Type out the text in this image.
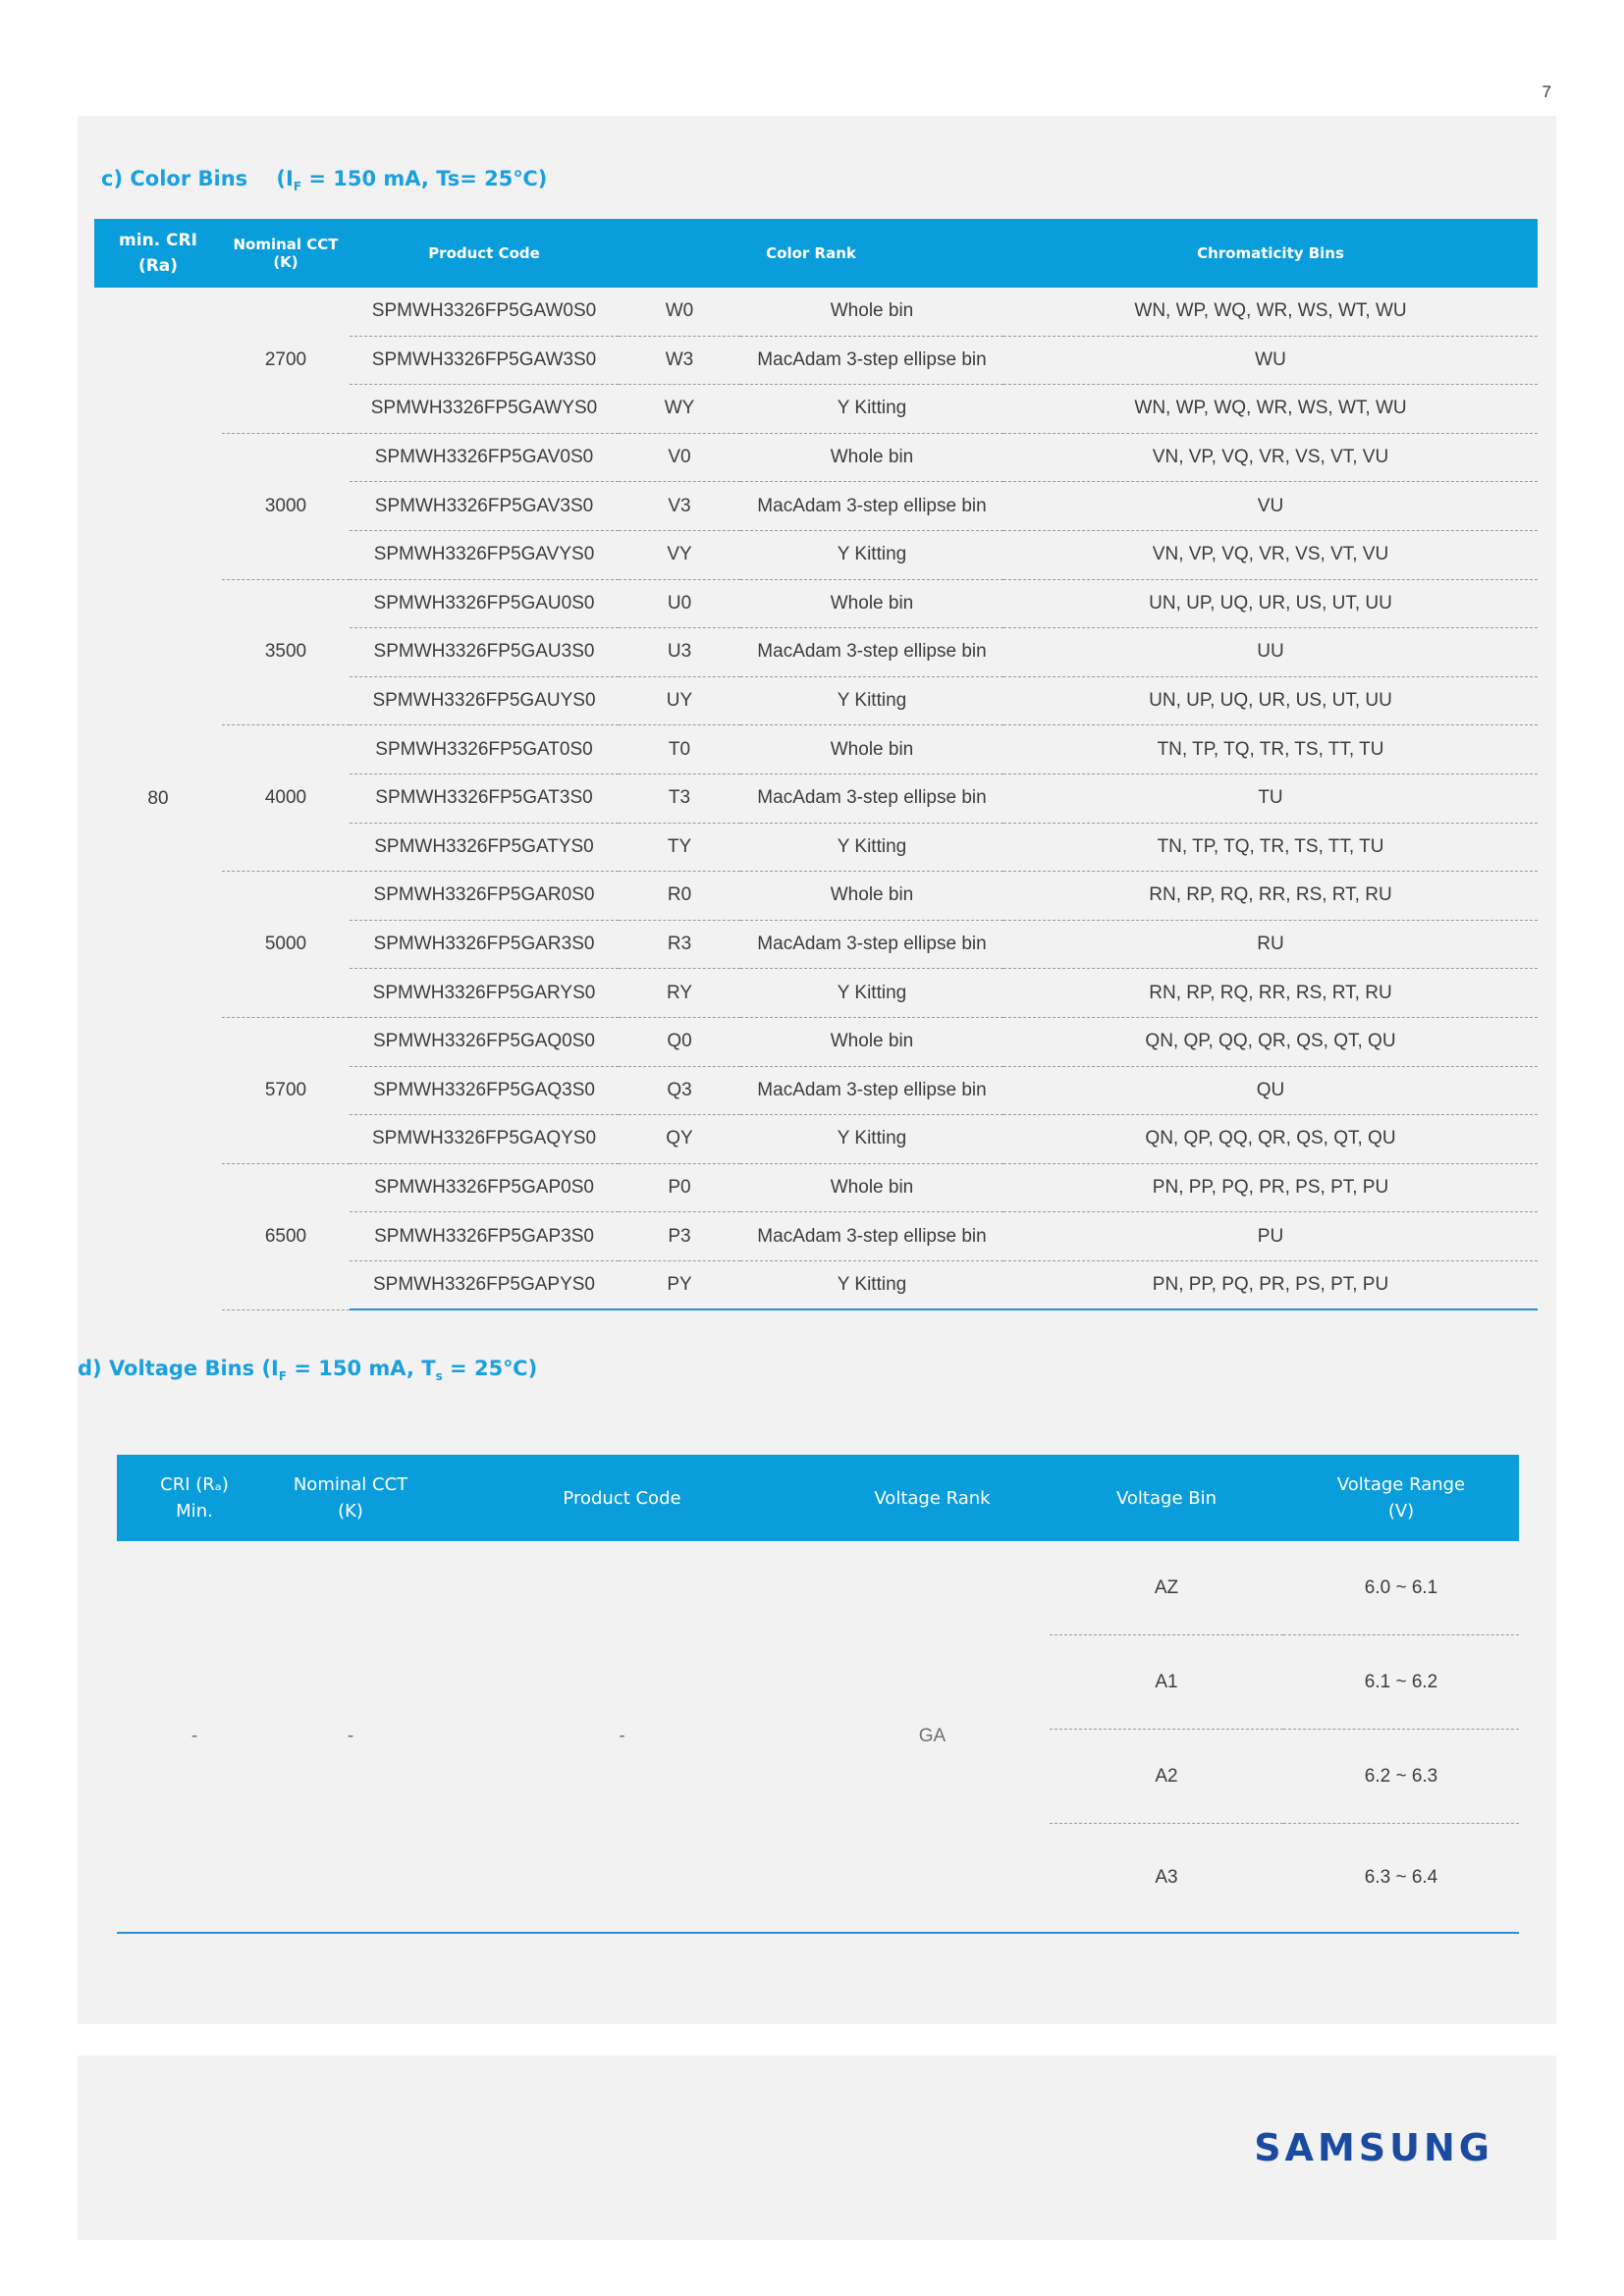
7
c) Color Bins ($I_F = 150$ mA, Ts= 25℃)
min. CRI
(Ra)	Nominal CCT (K)	Product Code	Color Rank		Chromaticity Bins
80	2700	SPMWH3326FP5GAW0S0	W0	Whole bin	WN, WP, WQ, WR, WS, WT, WU
		SPMWH3326FP5GAW3S0	W3	MacAdam 3-step ellipse bin	WU
		SPMWH3326FP5GAWYS0	WY	Y Kitting	WN, WP, WQ, WR, WS, WT, WU
	3000	SPMWH3326FP5GAV0S0	V0	Whole bin	VN, VP, VQ, VR, VS, VT, VU
		SPMWH3326FP5GAV3S0	V3	MacAdam 3-step ellipse bin	VU
		SPMWH3326FP5GAVYS0	VY	Y Kitting	VN, VP, VQ, VR, VS, VT, VU
	3500	SPMWH3326FP5GAU0S0	U0	Whole bin	UN, UP, UQ, UR, US, UT, UU
		SPMWH3326FP5GAU3S0	U3	MacAdam 3-step ellipse bin	UU
		SPMWH3326FP5GAUYS0	UY	Y Kitting	UN, UP, UQ, UR, US, UT, UU
	4000	SPMWH3326FP5GAT0S0	T0	Whole bin	TN, TP, TQ, TR, TS, TT, TU
		SPMWH3326FP5GAT3S0	T3	MacAdam 3-step ellipse bin	TU
		SPMWH3326FP5GATYS0	TY	Y Kitting	TN, TP, TQ, TR, TS, TT, TU
	5000	SPMWH3326FP5GAR0S0	R0	Whole bin	RN, RP, RQ, RR, RS, RT, RU
		SPMWH3326FP5GAR3S0	R3	MacAdam 3-step ellipse bin	RU
		SPMWH3326FP5GARYS0	RY	Y Kitting	RN, RP, RQ, RR, RS, RT, RU
	5700	SPMWH3326FP5GAQ0S0	Q0	Whole bin	QN, QP, QQ, QR, QS, QT, QU
		SPMWH3326FP5GAQ3S0	Q3	MacAdam 3-step ellipse bin	QU
		SPMWH3326FP5GAQYS0	QY	Y Kitting	QN, QP, QQ, QR, QS, QT, QU
	6500	SPMWH3326FP5GAP0S0	P0	Whole bin	PN, PP, PQ, PR, PS, PT, PU
		SPMWH3326FP5GAP3S0	P3	MacAdam 3-step ellipse bin	PU
		SPMWH3326FP5GAPYS0	PY	Y Kitting	PN, PP, PQ, PR, PS, PT, PU
d) Voltage Bins ($I_F = 150$ mA, $T_s$ = 25℃)
CRI (Rₐ)
Min.	Nominal CCT
(K)	Product Code	Voltage Rank	Voltage Bin	Voltage Range
(V)
-	-	-	GA	AZ	6.0 ~ 6.1
				A1	6.1 ~ 6.2
				A2	6.2 ~ 6.3
				A3	6.3 ~ 6.4
SAMSUNG
